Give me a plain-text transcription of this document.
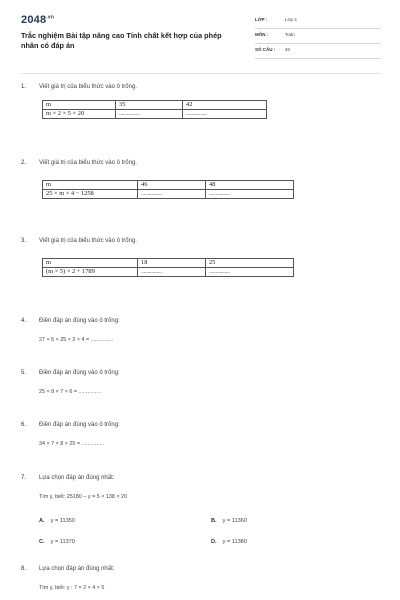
$2048^{.vn}$
Trắc nghiệm Bài tập nâng cao Tính chất kết hợp của phép nhân có đáp án
LỚP :	Lớp 4
MÔN :	Toán
SỐ CÂU : 40
1. Viết giá trị của biểu thức vào ô trống.
m	35	42
m × 2 × 5 × 20	................	................
2. Viết giá trị của biểu thức vào ô trống.
m	46	48
25 × m × 4 − 1258	................	................
3. Viết giá trị của biểu thức vào ô trống.
m	18	25
(m × 5) × 2 + 1789	................	................
4. Điền đáp án đúng vào ô trống:
27 × 5 × 25 × 2 × 4 = ...............
5. Điền đáp án đúng vào ô trống:
25 × 8 × 7 × 6 = ...............
6. Điền đáp án đúng vào ô trống:
34 × 7 × 8 × 25 = ...............
7. Lựa chọn đáp án đúng nhất:
Tìm y, biết: 25180 − y = 5 × 138 × 20
A. y = 11350	B. y = 11360
C. y = 11370	D. y = 11380
8. Lựa chọn đáp án đúng nhất:
Tìm y, biết: y : 7 = 2 × 4 × 5
